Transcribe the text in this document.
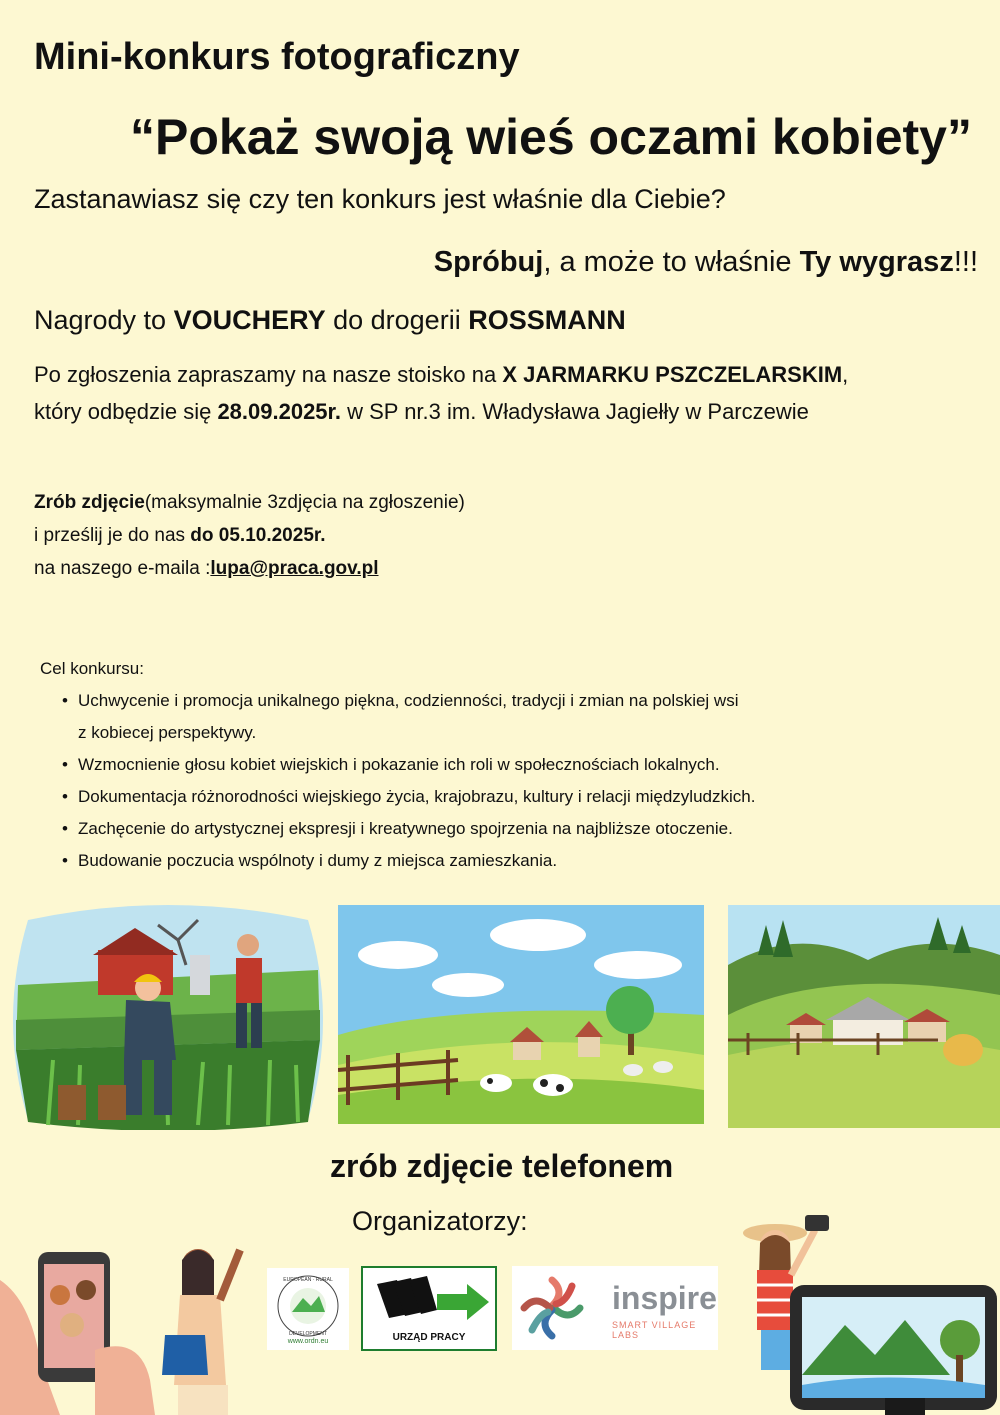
Mini-konkurs fotograficzny
“Pokaż swoją wieś oczami kobiety”
Zastanawiasz się czy ten konkurs jest właśnie dla Ciebie?
Spróbuj, a może to właśnie Ty wygrasz!!!
Nagrody to VOUCHERY do drogerii ROSSMANN
Po zgłoszenia zapraszamy na nasze stoisko na X JARMARKU PSZCZELARSKIM,
który odbędzie się 28.09.2025r. w SP nr.3 im. Władysława Jagiełły w Parczewie
Zrób zdjęcie(maksymalnie 3zdjęcia na zgłoszenie)
i prześlij je do nas do 05.10.2025r.
na naszego e-maila :lupa@praca.gov.pl
Cel konkursu:
• Uchwycenie i promocja unikalnego piękna, codzienności, tradycji i zmian na polskiej wsi
z kobiecej perspektywy.
• Wzmocnienie głosu kobiet wiejskich i pokazanie ich roli w społecznościach lokalnych.
• Dokumentacja różnorodności wiejskiego życia, krajobrazu, kultury i relacji międzyludzkich.
• Zachęcenie do artystycznej ekspresji i kreatywnego spojrzenia na najbliższe otoczenie.
• Budowanie poczucia wspólnoty i dumy z miejsca zamieszkania.
zrób zdjęcie telefonem
Organizatorzy:
EUROPEAN · RURAL
DEVELOPMENT
www.ordn.eu	URZĄD PRACY
inspire
SMART VILLAGE LABS
